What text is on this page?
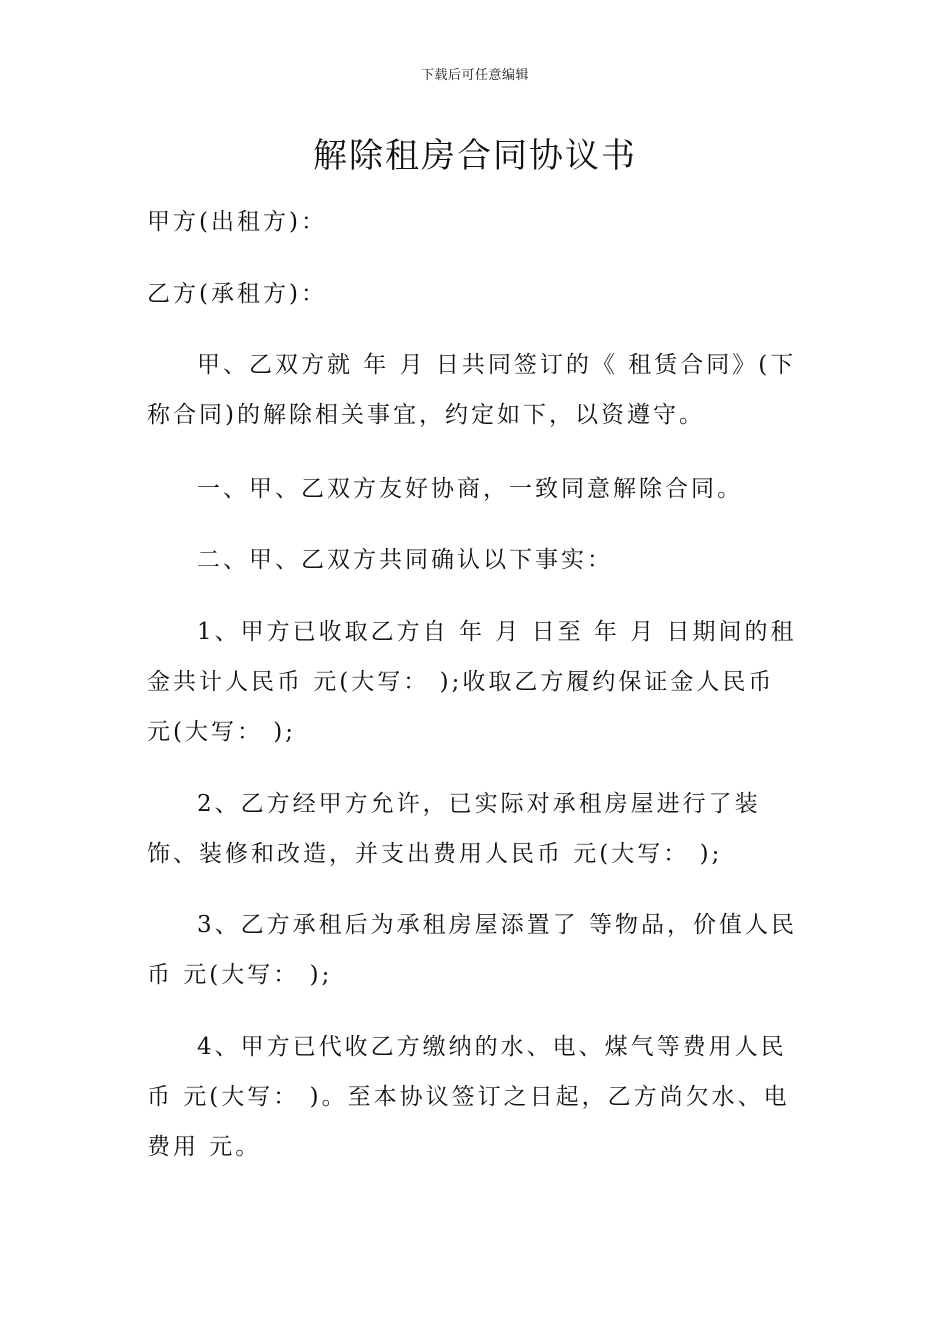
下载后可任意编辑
解除租房合同协议书

甲方(出租方)：

乙方(承租方)：

甲、乙双方就 年 月 日共同签订的《 租赁合同》(下称合同)的解除相关事宜，约定如下，以资遵守。

一、甲、乙双方友好协商，一致同意解除合同。

二、甲、乙双方共同确认以下事实：

1、甲方已收取乙方自 年 月 日至 年 月 日期间的租金共计人民币 元(大写： );收取乙方履约保证金人民币 元(大写： );

2、乙方经甲方允许，已实际对承租房屋进行了装饰、装修和改造，并支出费用人民币 元(大写： );

3、乙方承租后为承租房屋添置了 等物品，价值人民币 元(大写： );

4、甲方已代收乙方缴纳的水、电、煤气等费用人民币 元(大写： )。至本协议签订之日起，乙方尚欠水、电费用 元。
